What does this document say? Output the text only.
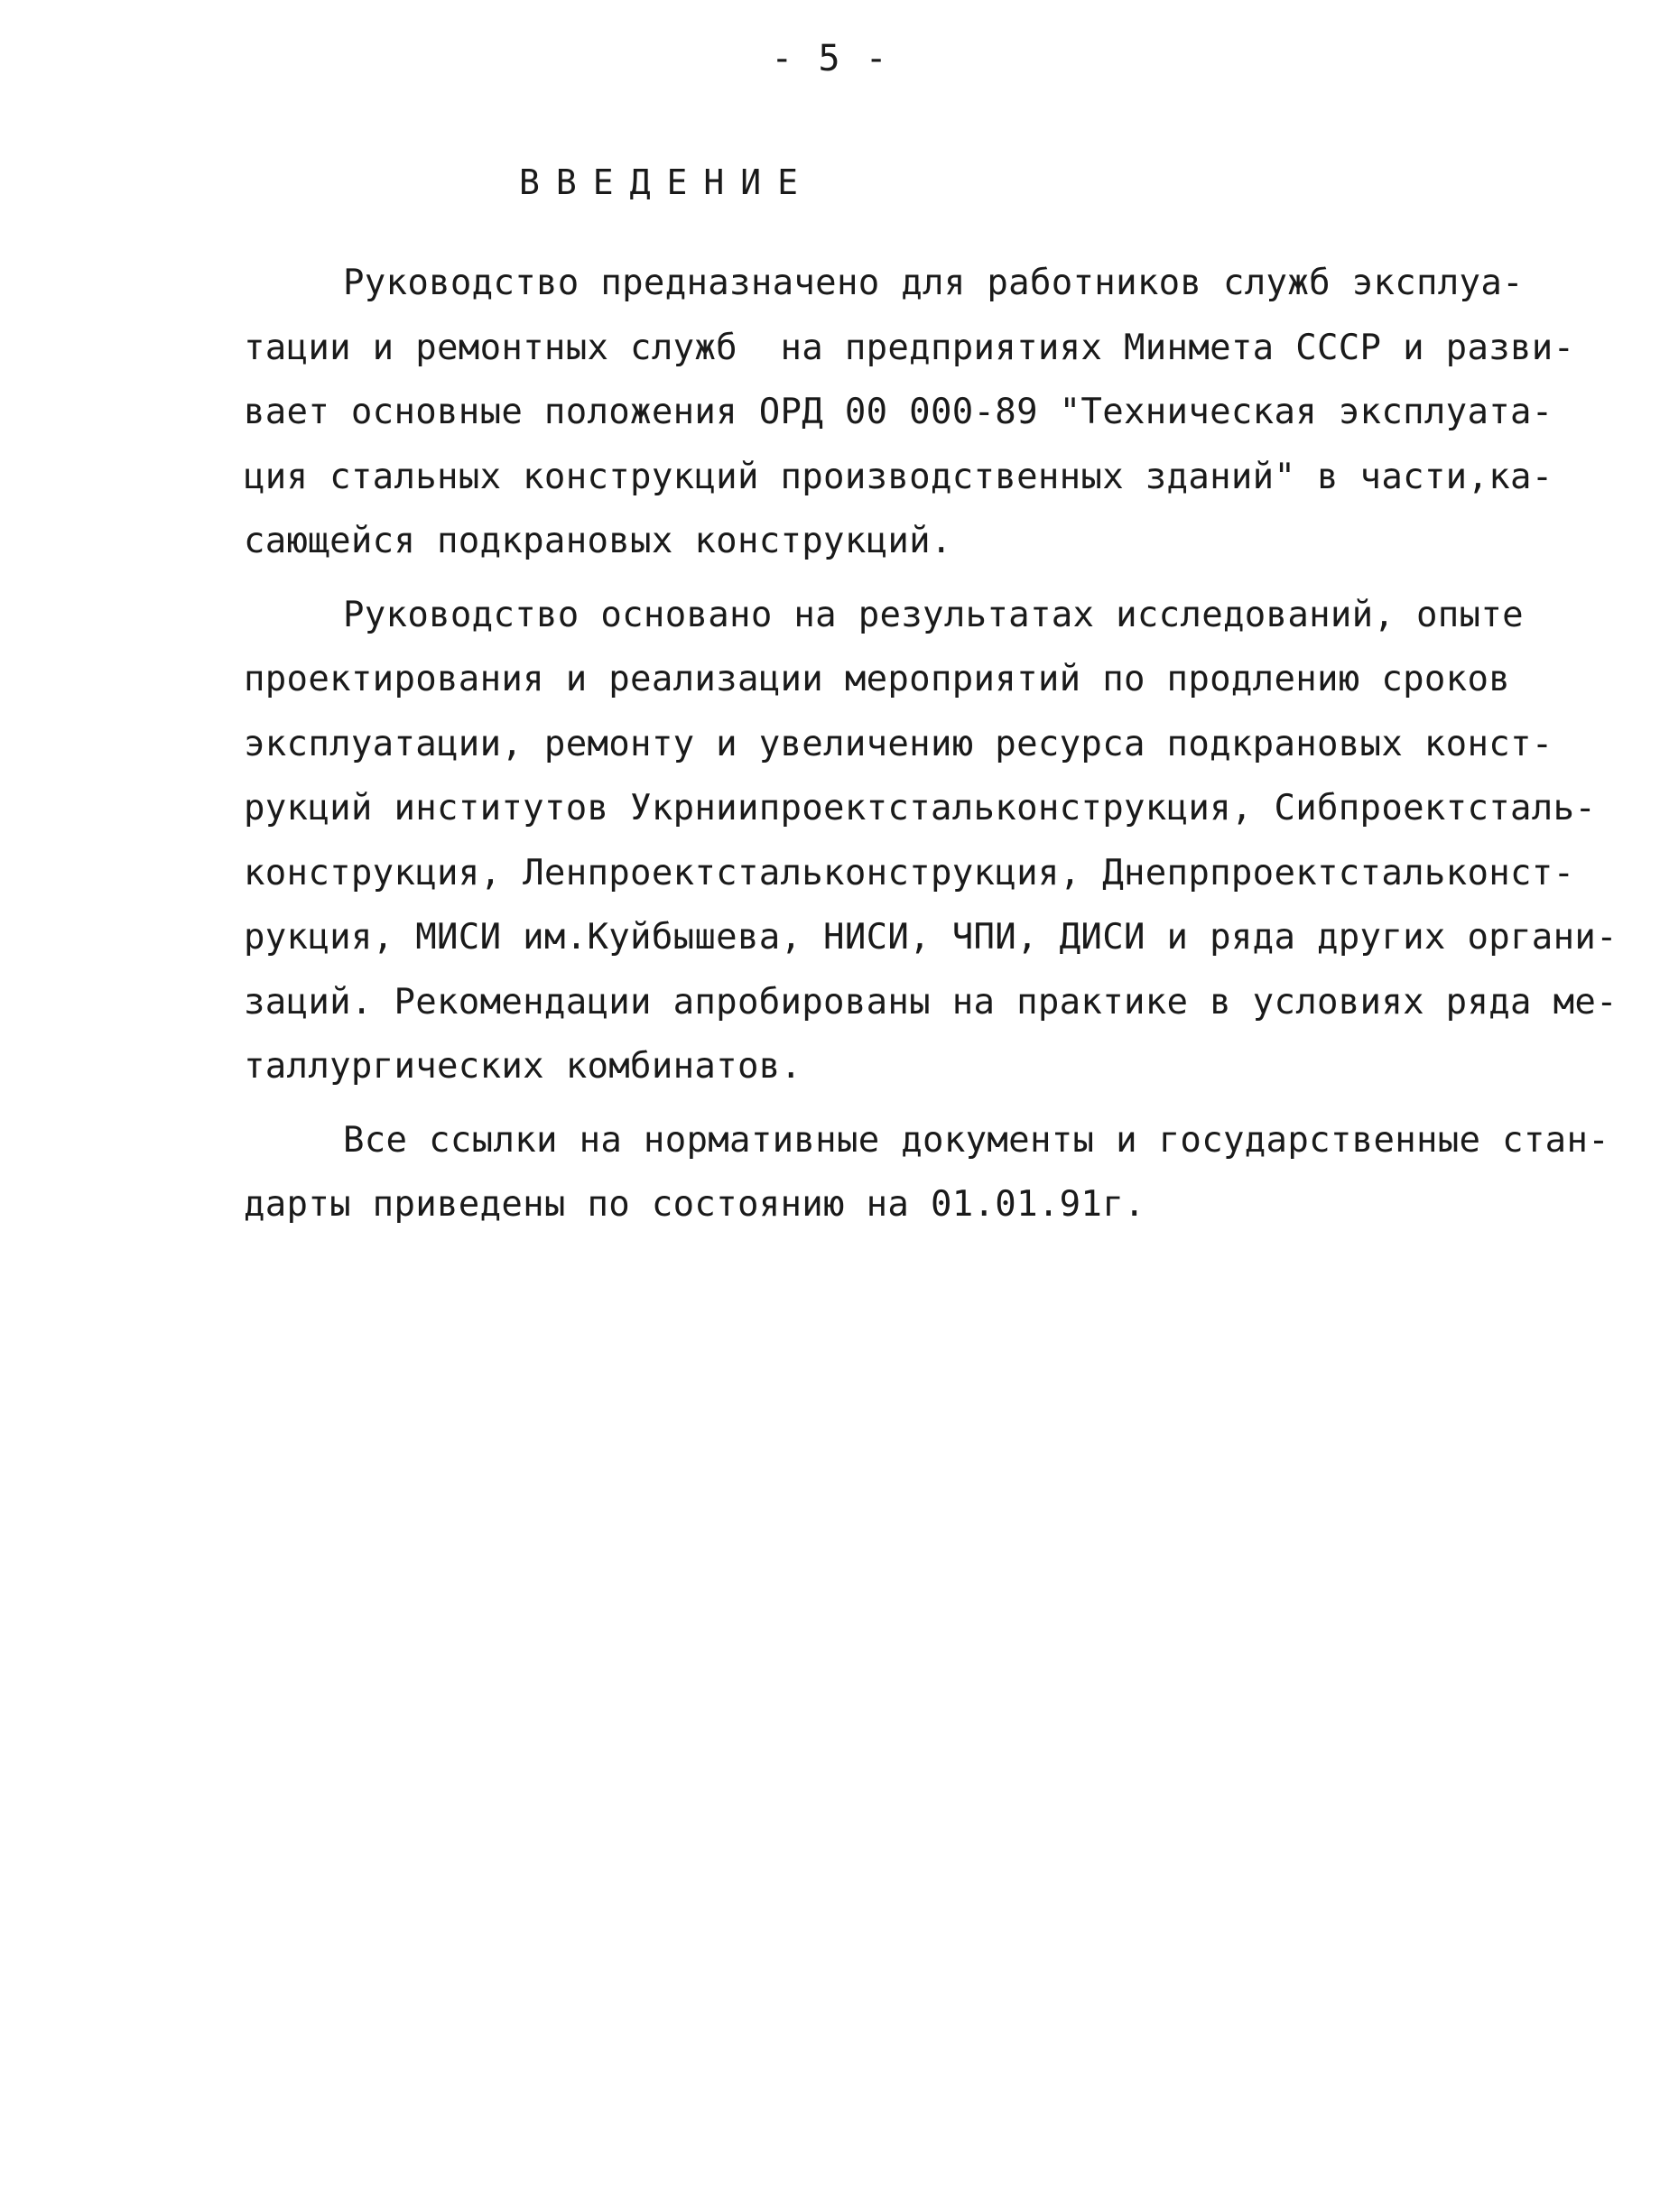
- 5 -
ВВЕДЕНИЕ
Руководство предназначено для работников служб эксплуа-
тации и ремонтных служб  на предприятиях Минмета СССР и разви-
вает основные положения ОРД 00 000-89 "Техническая эксплуата-
ция стальных конструкций производственных зданий" в части,ка-
сающейся подкрановых конструкций.
Руководство основано на результатах исследований, опыте
проектирования и реализации мероприятий по продлению сроков
эксплуатации, ремонту и увеличению ресурса подкрановых конст-
рукций институтов Укрниипроектстальконструкция, Сибпроектсталь-
конструкция, Ленпроектстальконструкция, Днепрпроектстальконст-
рукция, МИСИ им.Куйбышева, НИСИ, ЧПИ, ДИСИ и ряда других органи-
заций. Рекомендации апробированы на практике в условиях ряда ме-
таллургических комбинатов.
Все ссылки на нормативные документы и государственные стан-
дарты приведены по состоянию на 01.01.91г.
